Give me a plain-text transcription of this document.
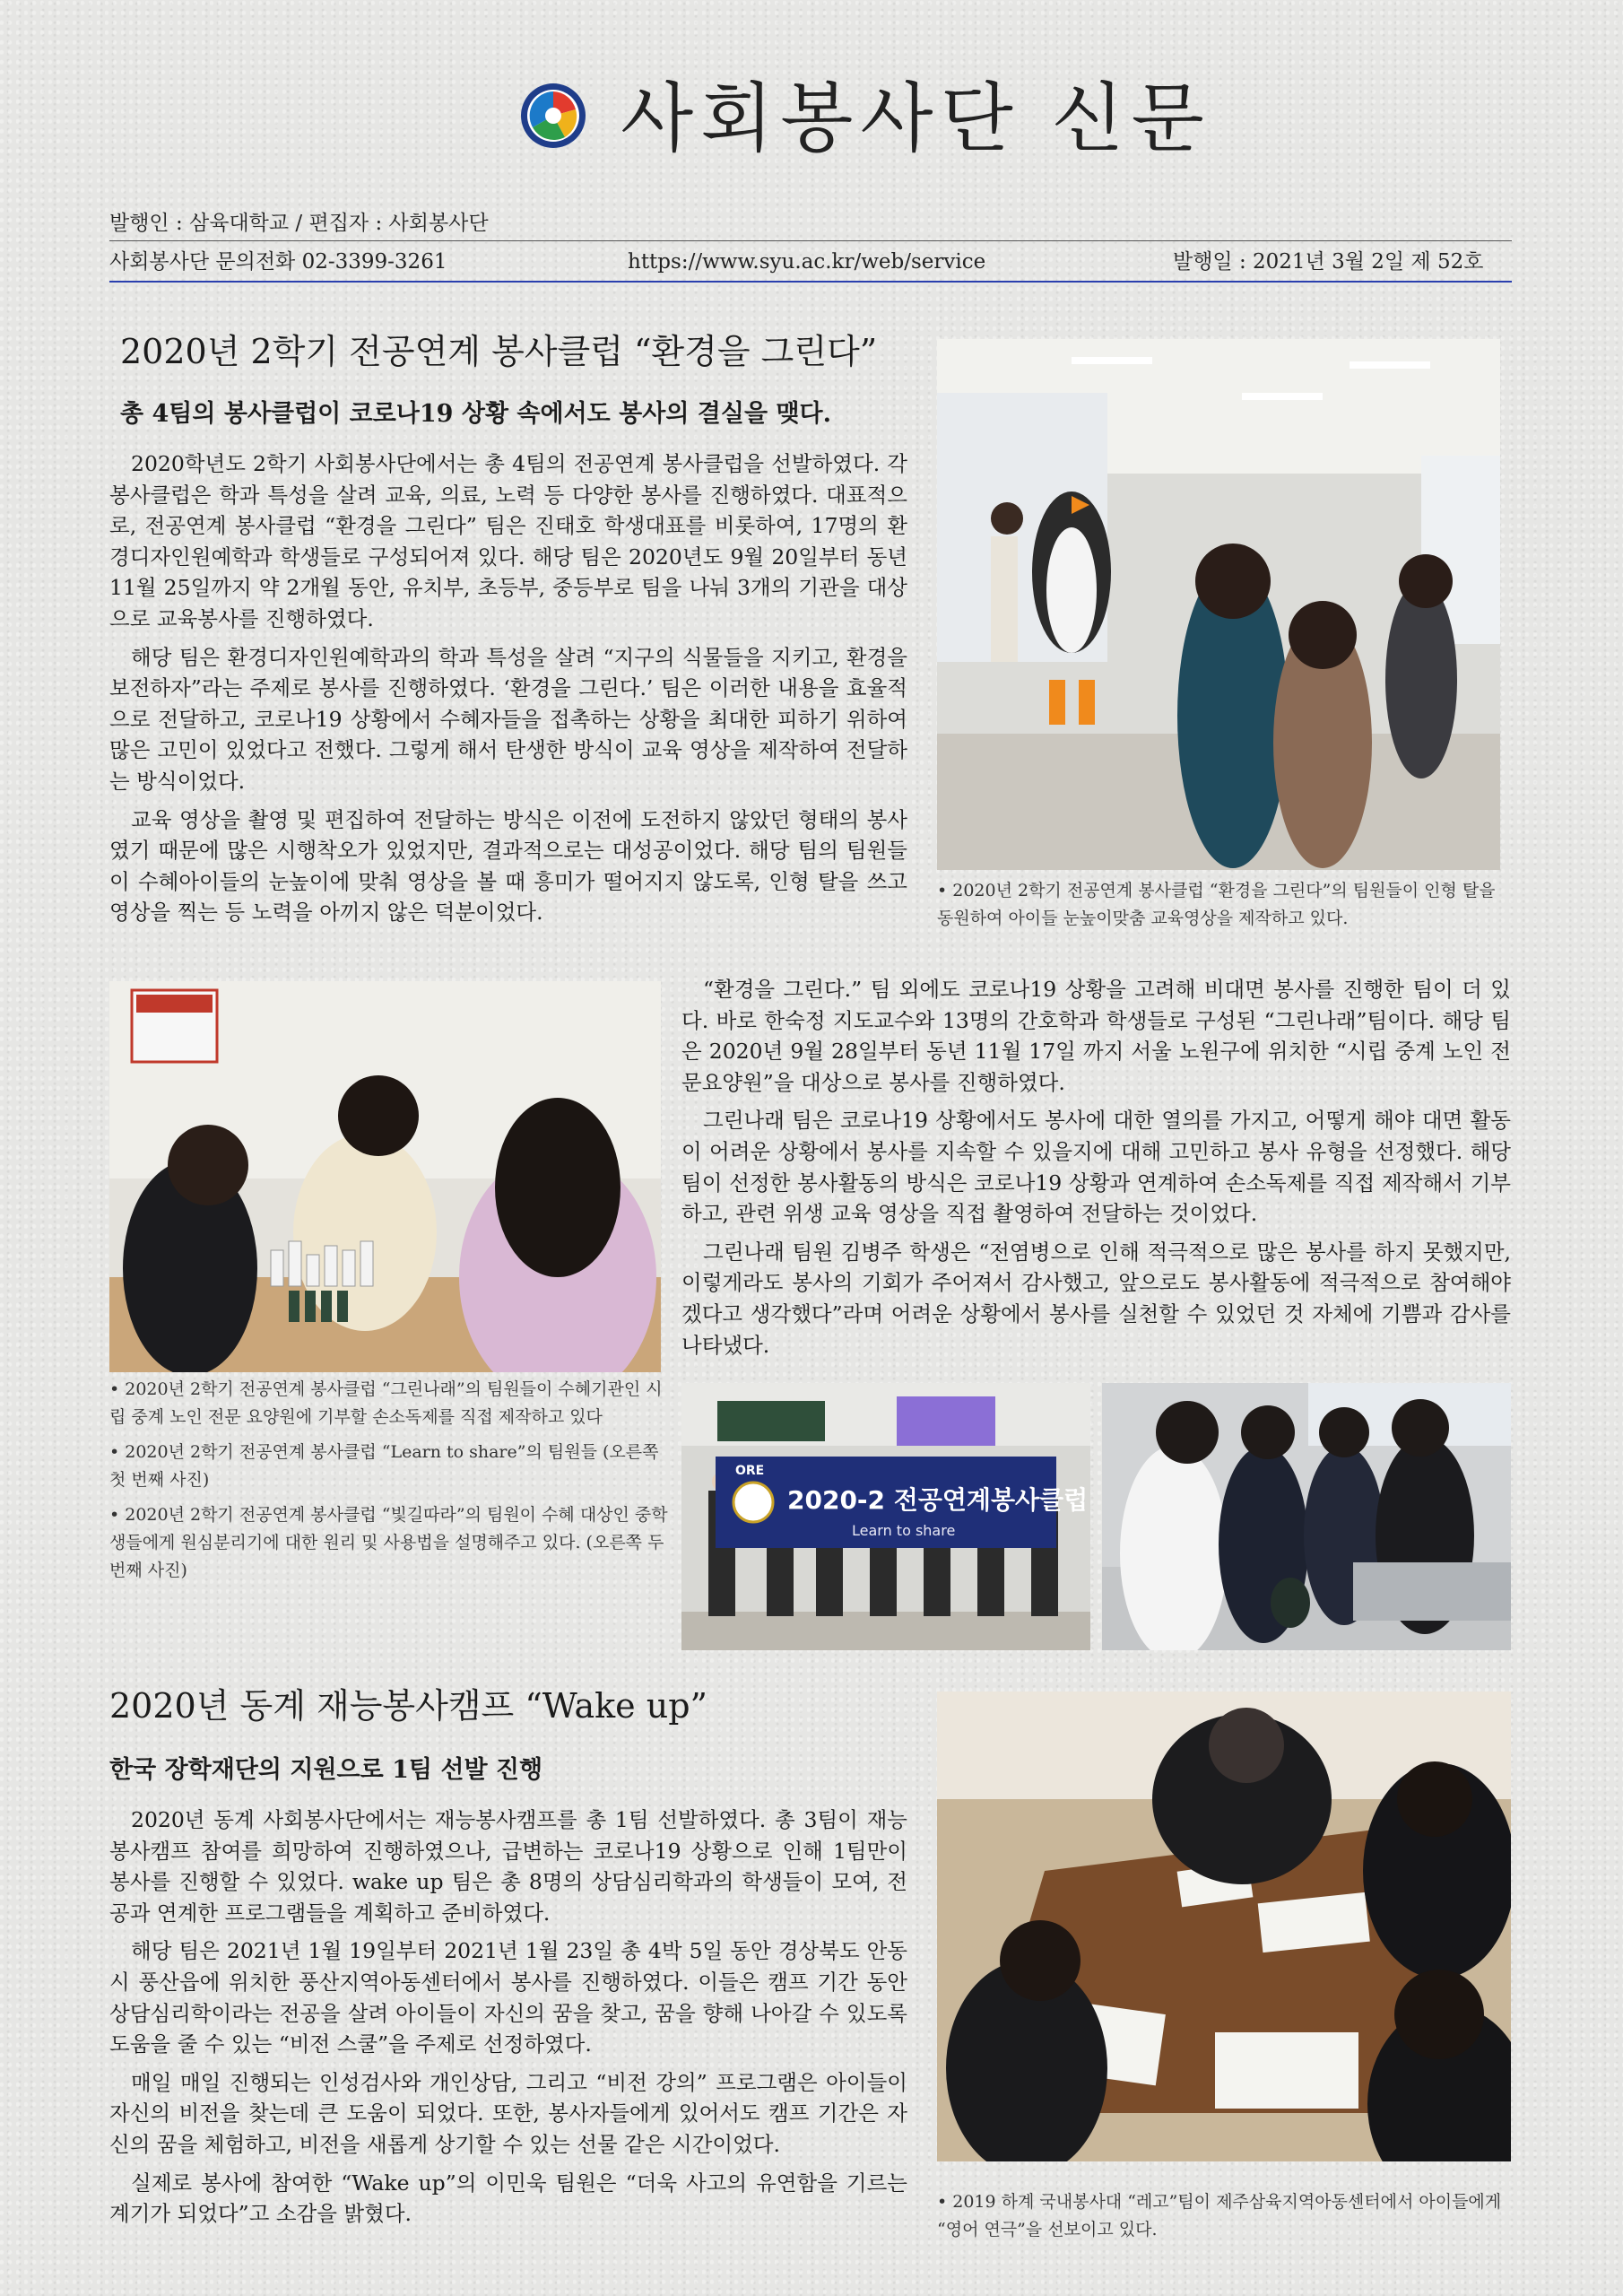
사회봉사단 신문
발행인 : 삼육대학교 / 편집자 : 사회봉사단
사회봉사단 문의전화 02-3399-3261	https://www.syu.ac.kr/web/service	발행일 : 2021년 3월 2일 제 52호
2020년 2학기 전공연계 봉사클럽 “환경을 그린다”
총 4팀의 봉사클럽이 코로나19 상황 속에서도 봉사의 결실을 맺다.

2020학년도 2학기 사회봉사단에서는 총 4팀의 전공연계 봉사클럽을 선발하였다. 각 봉사클럽은 학과 특성을 살려 교육, 의료, 노력 등 다양한 봉사를 진행하였다. 대표적으로, 전공연계 봉사클럽 “환경을 그린다” 팀은 진태호 학생대표를 비롯하여, 17명의 환경디자인원예학과 학생들로 구성되어져 있다. 해당 팀은 2020년도 9월 20일부터 동년 11월 25일까지 약 2개월 동안, 유치부, 초등부, 중등부로 팀을 나눠 3개의 기관을 대상으로 교육봉사를 진행하였다.

해당 팀은 환경디자인원예학과의 학과 특성을 살려 “지구의 식물들을 지키고, 환경을 보전하자”라는 주제로 봉사를 진행하였다. ‘환경을 그린다.’ 팀은 이러한 내용을 효율적으로 전달하고, 코로나19 상황에서 수혜자들을 접촉하는 상황을 최대한 피하기 위하여 많은 고민이 있었다고 전했다. 그렇게 해서 탄생한 방식이 교육 영상을 제작하여 전달하는 방식이었다.

교육 영상을 촬영 및 편집하여 전달하는 방식은 이전에 도전하지 않았던 형태의 봉사였기 때문에 많은 시행착오가 있었지만, 결과적으로는 대성공이었다. 해당 팀의 팀원들이 수혜아이들의 눈높이에 맞춰 영상을 볼 때 흥미가 떨어지지 않도록, 인형 탈을 쓰고 영상을 찍는 등 노력을 아끼지 않은 덕분이었다.

• 2020년 2학기 전공연계 봉사클럽 “환경을 그린다”의 팀원들이 인형 탈을 동원하여 아이들 눈높이맞춤 교육영상을 제작하고 있다.

“환경을 그린다.” 팀 외에도 코로나19 상황을 고려해 비대면 봉사를 진행한 팀이 더 있다. 바로 한숙정 지도교수와 13명의 간호학과 학생들로 구성된 “그린나래”팀이다. 해당 팀은 2020년 9월 28일부터 동년 11월 17일 까지 서울 노원구에 위치한 “시립 중계 노인 전문요양원”을 대상으로 봉사를 진행하였다.

그린나래 팀은 코로나19 상황에서도 봉사에 대한 열의를 가지고, 어떻게 해야 대면 활동이 어려운 상황에서 봉사를 지속할 수 있을지에 대해 고민하고 봉사 유형을 선정했다. 해당 팀이 선정한 봉사활동의 방식은 코로나19 상황과 연계하여 손소독제를 직접 제작해서 기부하고, 관련 위생 교육 영상을 직접 촬영하여 전달하는 것이었다.

그린나래 팀원 김병주 학생은 “전염병으로 인해 적극적으로 많은 봉사를 하지 못했지만, 이렇게라도 봉사의 기회가 주어져서 감사했고, 앞으로도 봉사활동에 적극적으로 참여해야겠다고 생각했다”라며 어려운 상황에서 봉사를 실천할 수 있었던 것 자체에 기쁨과 감사를 나타냈다.

• 2020년 2학기 전공연계 봉사클럽 “그린나래”의 팀원들이 수혜기관인 시립 중계 노인 전문 요양원에 기부할 손소독제를 직접 제작하고 있다

• 2020년 2학기 전공연계 봉사클럽 “Learn to share”의 팀원들 (오른쪽 첫 번째 사진)

• 2020년 2학기 전공연계 봉사클럽 “빛길따라”의 팀원이 수혜 대상인 중학생들에게 원심분리기에 대한 원리 및 사용법을 설명해주고 있다. (오른쪽 두 번째 사진)

ORE
2020-2 전공연계봉사클럽
Learn to share
2020년 동계 재능봉사캠프 “Wake up”
한국 장학재단의 지원으로 1팀 선발 진행

2020년 동계 사회봉사단에서는 재능봉사캠프를 총 1팀 선발하였다. 총 3팀이 재능봉사캠프 참여를 희망하여 진행하였으나, 급변하는 코로나19 상황으로 인해 1팀만이 봉사를 진행할 수 있었다. wake up 팀은 총 8명의 상담심리학과의 학생들이 모여, 전공과 연계한 프로그램들을 계획하고 준비하였다.

해당 팀은 2021년 1월 19일부터 2021년 1월 23일 총 4박 5일 동안 경상북도 안동시 풍산읍에 위치한 풍산지역아동센터에서 봉사를 진행하였다. 이들은 캠프 기간 동안 상담심리학이라는 전공을 살려 아이들이 자신의 꿈을 찾고, 꿈을 향해 나아갈 수 있도록 도움을 줄 수 있는 “비전 스쿨”을 주제로 선정하였다.

매일 매일 진행되는 인성검사와 개인상담, 그리고 “비전 강의” 프로그램은 아이들이 자신의 비전을 찾는데 큰 도움이 되었다. 또한, 봉사자들에게 있어서도 캠프 기간은 자신의 꿈을 체험하고, 비전을 새롭게 상기할 수 있는 선물 같은 시간이었다.

실제로 봉사에 참여한 “Wake up”의 이민욱 팀원은 “더욱 사고의 유연함을 기르는 계기가 되었다”고 소감을 밝혔다.	• 2019 하계 국내봉사대 “레고”팀이 제주삼육지역아동센터에서 아이들에게 “영어 연극”을 선보이고 있다.
